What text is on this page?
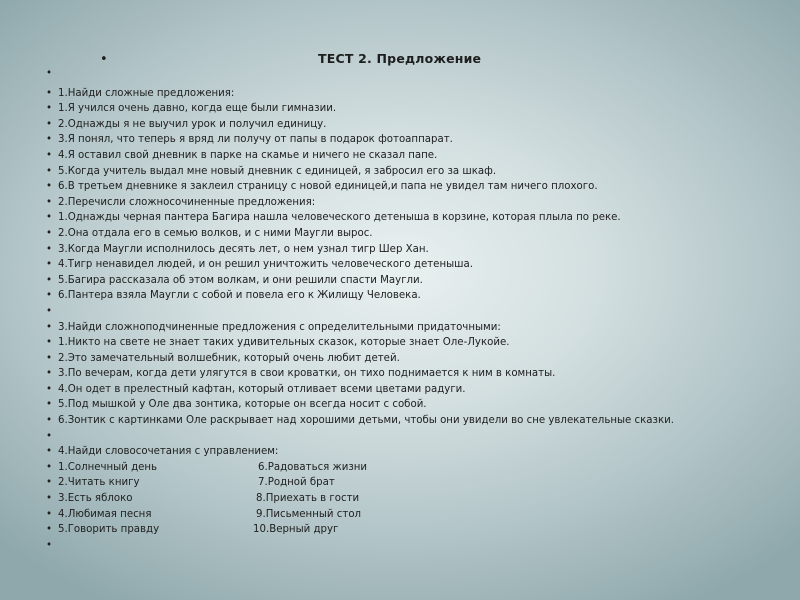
•	ТЕСТ 2. Предложение
•
• 1.Найди сложные предложения:
• 1.Я учился очень давно, когда еще были гимназии.
• 2.Однажды я не выучил урок и получил единицу.
• 3.Я понял, что теперь я вряд ли получу от папы в подарок фотоаппарат.
• 4.Я оставил свой дневник в парке на скамье и ничего не сказал папе.
• 5.Когда учитель выдал мне новый дневник с единицей, я забросил его за шкаф.
• 6.В третьем дневнике я заклеил страницу с новой единицей,и папа не увидел там ничего плохого.
• 2.Перечисли сложносочиненные предложения:
• 1.Однажды черная пантера Багира нашла человеческого детеныша в корзине, которая плыла по реке.
• 2.Она отдала его в семью волков, и с ними Маугли вырос.
• 3.Когда Маугли исполнилось десять лет, о нем узнал тигр Шер Хан.
• 4.Тигр ненавидел людей, и он решил уничтожить человеческого детеныша.
• 5.Багира рассказала об этом волкам, и они решили спасти Маугли.
• 6.Пантера взяла Маугли с собой и повела его к Жилищу Человека.
•
• 3.Найди сложноподчиненные предложения с определительными придаточными:
• 1.Никто на свете не знает таких удивительных сказок, которые знает Оле-Лукойе.
• 2.Это замечательный волшебник, который очень любит детей.
• 3.По вечерам, когда дети улягутся в свои кроватки, он тихо поднимается к ним в комнаты.
• 4.Он одет в прелестный кафтан, который отливает всеми цветами радуги.
• 5.Под мышкой у Оле два зонтика, которые он всегда носит с собой.
• 6.Зонтик с картинками Оле раскрывает над хорошими детьми, чтобы они увидели во сне увлекательные сказки.
•
• 4.Найди словосочетания с управлением:
• 1.Солнечный день	6.Радоваться жизни
• 2.Читать книгу	7.Родной брат
• 3.Есть яблоко	8.Приехать в гости
• 4.Любимая песня	9.Письменный стол
• 5.Говорить правду	10.Верный друг
•
